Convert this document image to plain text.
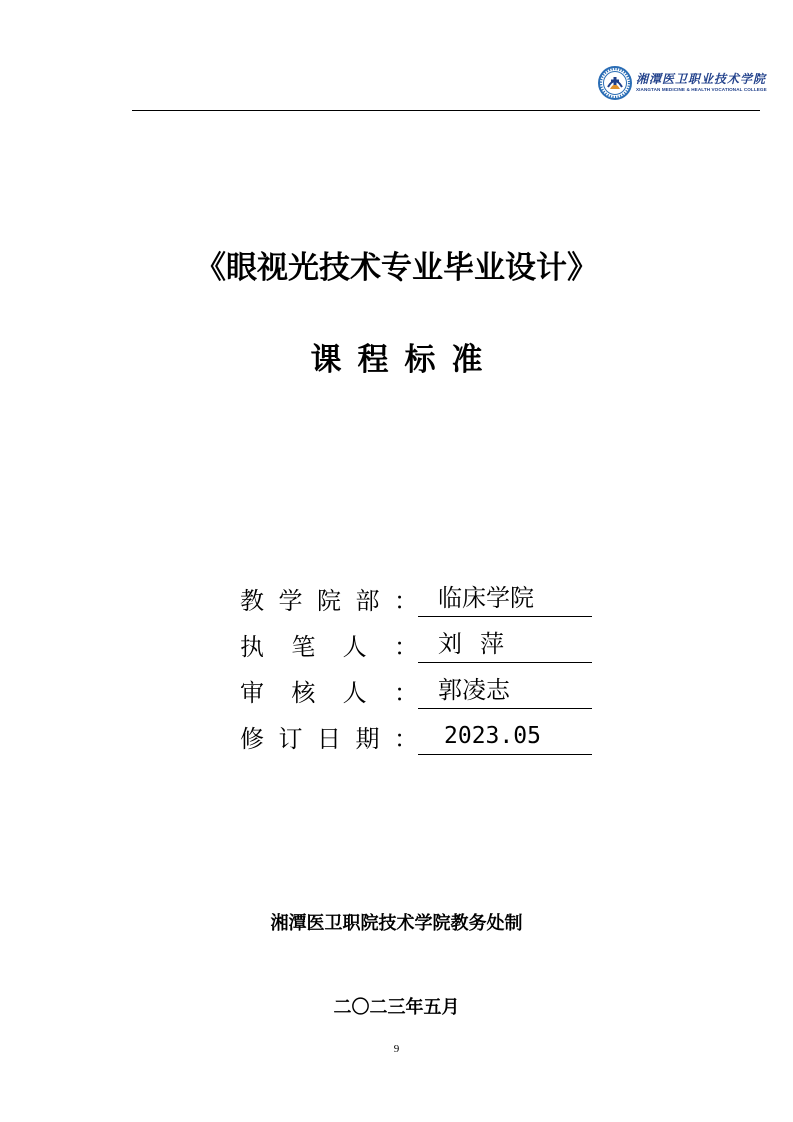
湘潭医卫职业技术学院
XIANGTAN MEDICINE & HEALTH VOCATIONAL COLLEGE
《眼视光技术专业毕业设计》
课程标准
教 学 院 部 ： 临床学院
执 笔 人 ： 刘萍
审 核 人 ： 郭凌志
修 订 日 期 ：	2023.05
湘潭医卫职院技术学院教务处制
二〇二三年五月
9
